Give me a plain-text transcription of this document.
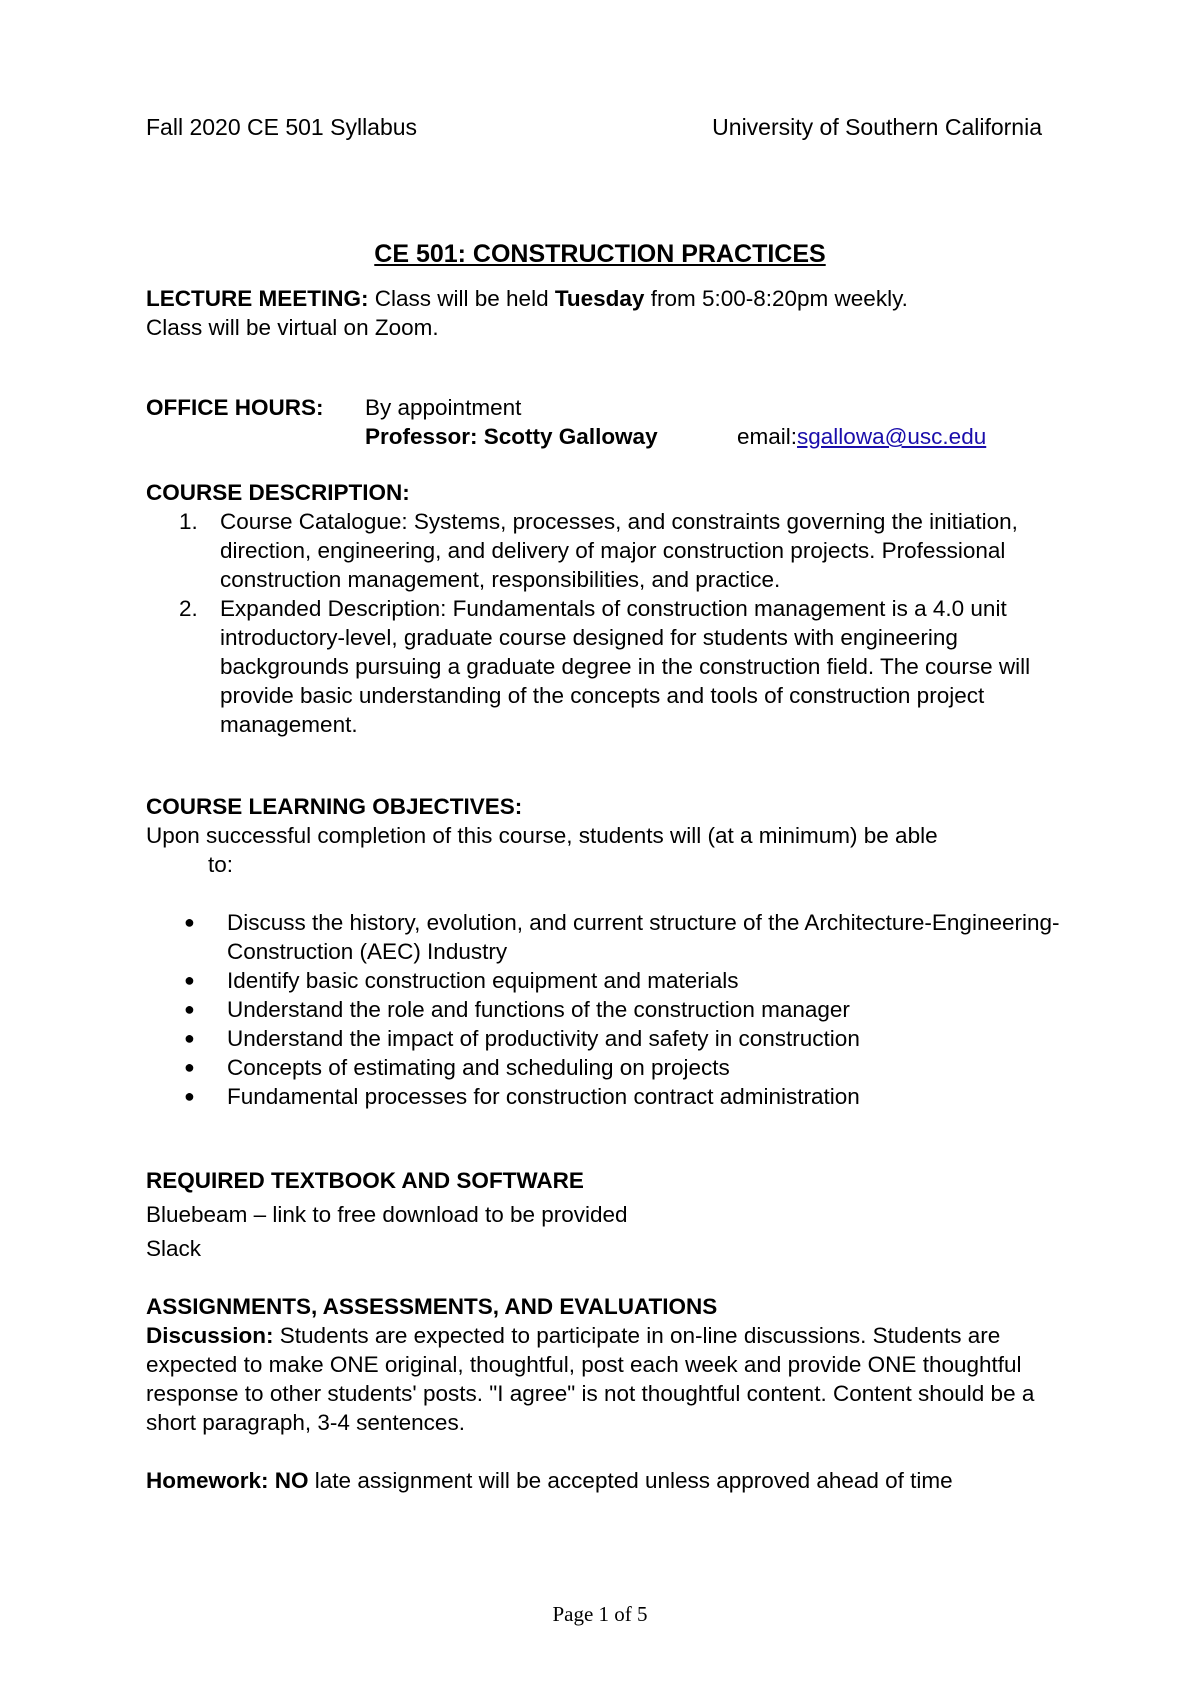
Fall 2020 CE 501 Syllabus	University of Southern California
CE 501: CONSTRUCTION PRACTICES
LECTURE MEETING: Class will be held Tuesday from 5:00-8:20pm weekly.
Class will be virtual on Zoom.
OFFICE HOURS:	By appointment
Professor: Scotty Galloway	email: sgallowa@usc.edu
COURSE DESCRIPTION:
1. Course Catalogue: Systems, processes, and constraints governing the initiation, direction, engineering, and delivery of major construction projects. Professional construction management, responsibilities, and practice.
2. Expanded Description: Fundamentals of construction management is a 4.0 unit introductory-level, graduate course designed for students with engineering backgrounds pursuing a graduate degree in the construction field. The course will provide basic understanding of the concepts and tools of construction project management.
COURSE LEARNING OBJECTIVES:
Upon successful completion of this course, students will (at a minimum) be able
to:
● Discuss the history, evolution, and current structure of the Architecture-Engineering-Construction (AEC) Industry
● Identify basic construction equipment and materials
● Understand the role and functions of the construction manager
● Understand the impact of productivity and safety in construction
● Concepts of estimating and scheduling on projects
● Fundamental processes for construction contract administration
REQUIRED TEXTBOOK AND SOFTWARE
Bluebeam – link to free download to be provided
Slack
ASSIGNMENTS, ASSESSMENTS, AND EVALUATIONS
Discussion: Students are expected to participate in on-line discussions. Students are expected to make ONE original, thoughtful, post each week and provide ONE thoughtful response to other students' posts. "I agree" is not thoughtful content. Content should be a short paragraph, 3-4 sentences.
Homework: NO late assignment will be accepted unless approved ahead of time
Page 1 of 5
